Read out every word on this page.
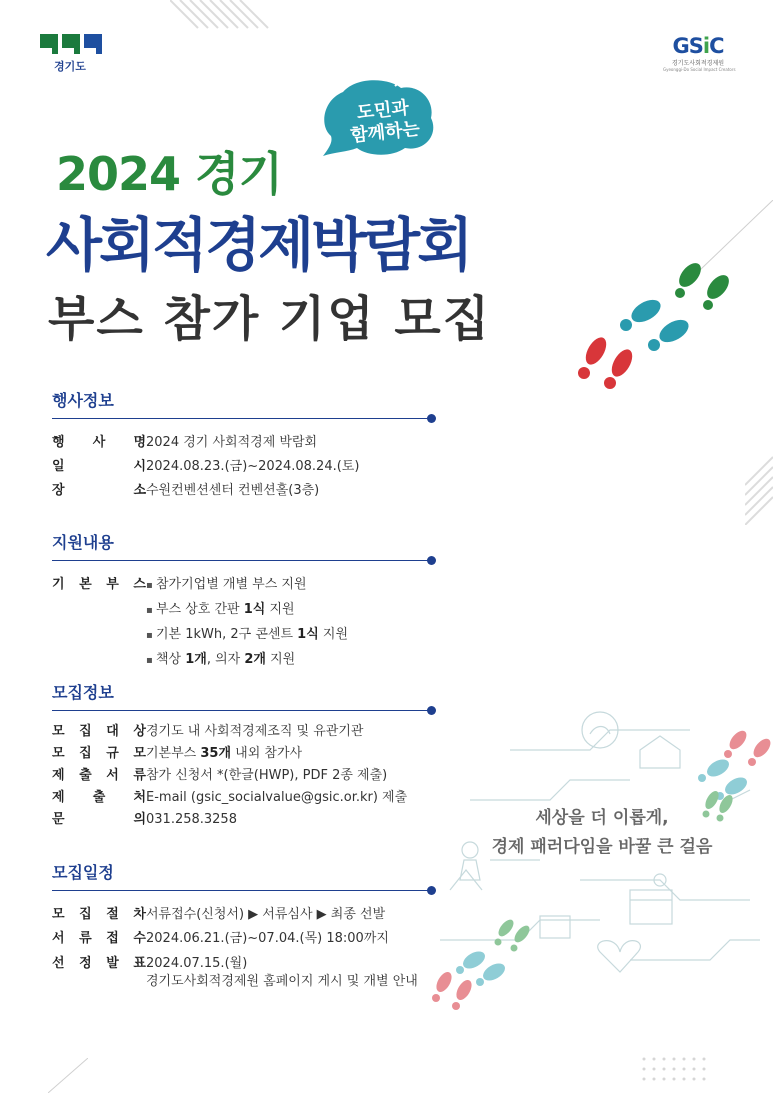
경기도
GSiC
경기도사회적경제원
Gyeonggi-Do Social Impact Creators
도민과
함께하는
2024 경기
사회적경제박람회
부스 참가 기업 모집
행사정보
행 사 명 2024 경기 사회적경제 박람회
일	시 2024.08.23.(금)~2024.08.24.(토)
장	소 수원컨벤션센터 컨벤션홀(3층)
지원내용
기 본 부 스
▪ 참가기업별 개별 부스 지원
▪ 부스 상호 간판 1식 지원
▪ 기본 1kWh, 2구 콘센트 1식 지원
▪ 책상 1개, 의자 2개 지원
모집정보
모 집 대 상 경기도 내 사회적경제조직 및 유관기관
모 집 규 모 기본부스 35개 내외 참가사
제 출 서 류 참가 신청서 *(한글(HWP), PDF 2종 제출)
제 출 처 E-mail (gsic_socialvalue@gsic.or.kr) 제출
문	의 031.258.3258
모집일정
모 집 절 차 서류접수(신청서) ▶ 서류심사 ▶ 최종 선발
서 류 접 수 2024.06.21.(금)~07.04.(목) 18:00까지
선 정 발 표 2024.07.15.(월)
경기도사회적경제원 홈페이지 게시 및 개별 안내
세상을 더 이롭게,
경제 패러다임을 바꿀 큰 걸음
